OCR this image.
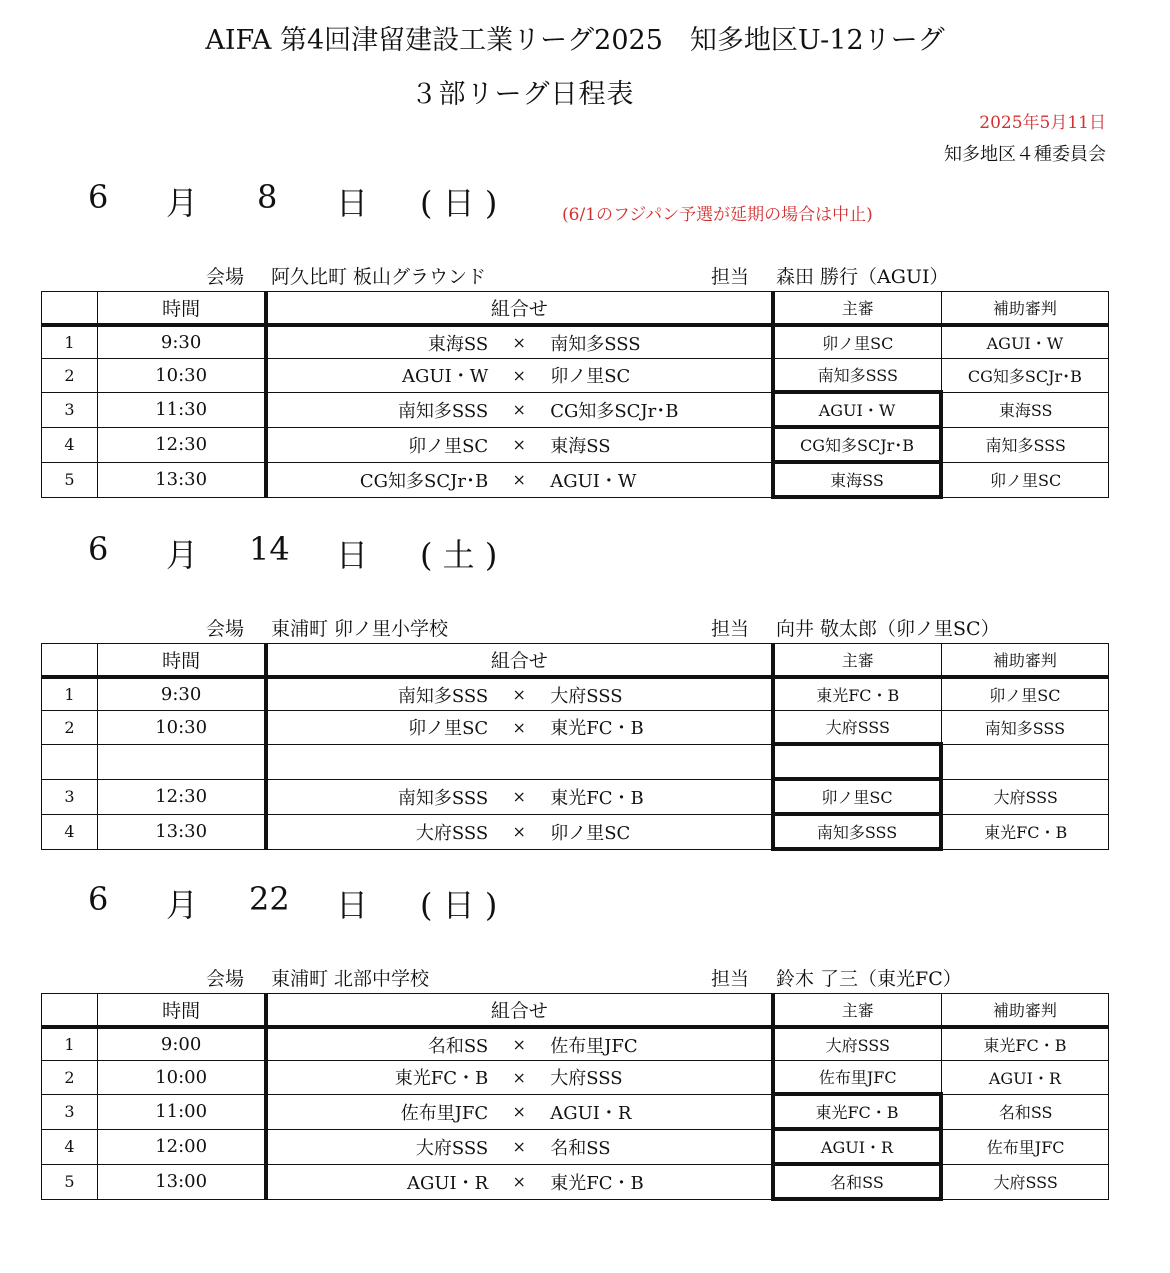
AIFA 第4回津留建設工業リーグ2025　知多地区U-12リーグ
３部リーグ日程表
2025年5月11日
知多地区４種委員会
6 月 8 日 ( 日 )	(6/1のフジパン予選が延期の場合は中止)
会場 阿久比町 板山グラウンド	担当 森田 勝行（AGUI）
	時間	組合せ	主審	補助審判
1	9:30	東海SS × 南知多SSS	卯ノ里SC	AGUI・W
2	10:30	AGUI・W × 卯ノ里SC	南知多SSS	CG知多SCJr･B
3	11:30	南知多SSS × CG知多SCJr･B	AGUI・W	東海SS
4	12:30	卯ノ里SC × 東海SS	CG知多SCJr･B	南知多SSS
5	13:30	CG知多SCJr･B × AGUI・W	東海SS	卯ノ里SC
6 月 14 日 ( 土 )
会場 東浦町 卯ノ里小学校	担当 向井 敬太郎（卯ノ里SC）
	時間	組合せ	主審	補助審判
1	9:30	南知多SSS × 大府SSS	東光FC・B	卯ノ里SC
2	10:30	卯ノ里SC × 東光FC・B	大府SSS	南知多SSS

3	12:30	南知多SSS × 東光FC・B	卯ノ里SC	大府SSS
4	13:30	大府SSS × 卯ノ里SC	南知多SSS	東光FC・B
6 月 22 日 ( 日 )
会場 東浦町 北部中学校	担当 鈴木 了三（東光FC）
	時間	組合せ	主審	補助審判
1	9:00	名和SS × 佐布里JFC	大府SSS	東光FC・B
2	10:00	東光FC・B × 大府SSS	佐布里JFC	AGUI・R
3	11:00	佐布里JFC × AGUI・R	東光FC・B	名和SS
4	12:00	大府SSS × 名和SS	AGUI・R	佐布里JFC
5	13:00	AGUI・R × 東光FC・B	名和SS	大府SSS
